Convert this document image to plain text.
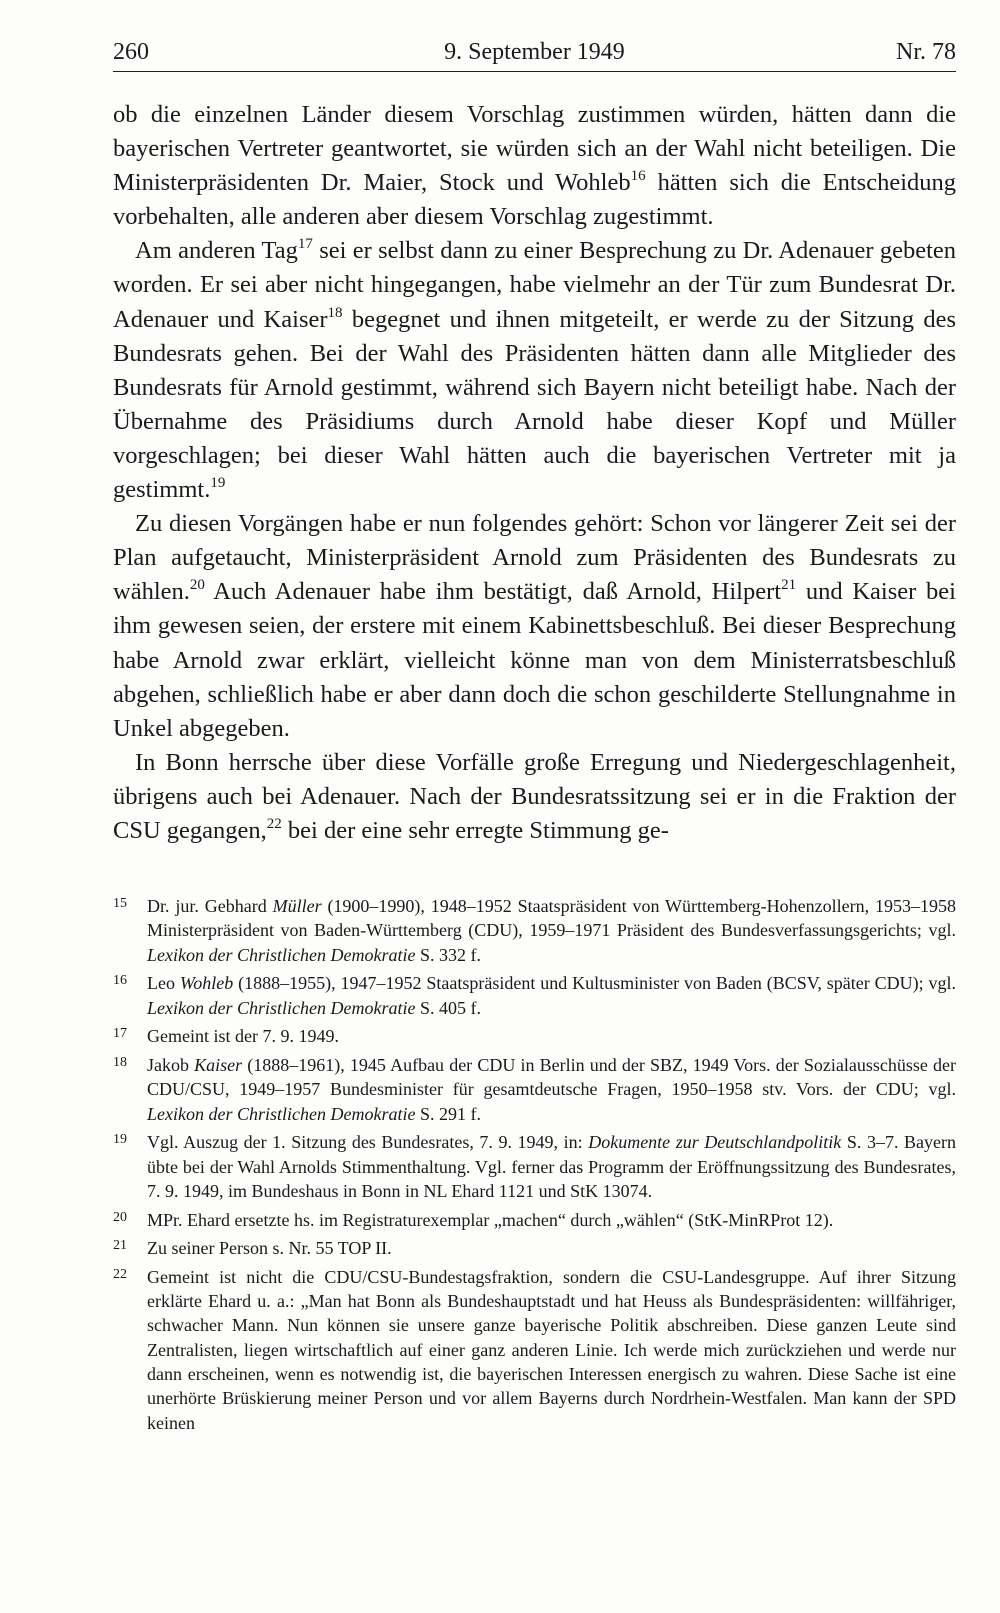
260	9. September 1949	Nr. 78

ob die einzelnen Länder diesem Vorschlag zustimmen würden, hätten dann die bayerischen Vertreter geantwortet, sie würden sich an der Wahl nicht beteiligen. Die Ministerpräsidenten Dr. Maier, Stock und Wohleb$^{16}$ hätten sich die Entscheidung vorbehalten, alle anderen aber diesem Vorschlag zugestimmt.

Am anderen Tag$^{17}$ sei er selbst dann zu einer Besprechung zu Dr. Adenauer gebeten worden. Er sei aber nicht hingegangen, habe vielmehr an der Tür zum Bundesrat Dr. Adenauer und Kaiser$^{18}$ begegnet und ihnen mitgeteilt, er werde zu der Sitzung des Bundesrats gehen. Bei der Wahl des Präsidenten hätten dann alle Mitglieder des Bundesrats für Arnold gestimmt, während sich Bayern nicht beteiligt habe. Nach der Übernahme des Präsidiums durch Arnold habe dieser Kopf und Müller vorgeschlagen; bei dieser Wahl hätten auch die bayerischen Vertreter mit ja gestimmt.$^{19}$

Zu diesen Vorgängen habe er nun folgendes gehört: Schon vor längerer Zeit sei der Plan aufgetaucht, Ministerpräsident Arnold zum Präsidenten des Bundesrats zu wählen.$^{20}$ Auch Adenauer habe ihm bestätigt, daß Arnold, Hilpert$^{21}$ und Kaiser bei ihm gewesen seien, der erstere mit einem Kabinettsbeschluß. Bei dieser Besprechung habe Arnold zwar erklärt, vielleicht könne man von dem Ministerratsbeschluß abgehen, schließlich habe er aber dann doch die schon geschilderte Stellungnahme in Unkel abgegeben.

In Bonn herrsche über diese Vorfälle große Erregung und Niedergeschlagenheit, übrigens auch bei Adenauer. Nach der Bundesratssitzung sei er in die Fraktion der CSU gegangen,$^{22}$ bei der eine sehr erregte Stimmung ge-

15 Dr. jur. Gebhard Müller (1900–1990), 1948–1952 Staatspräsident von Württemberg-Hohenzollern, 1953–1958 Ministerpräsident von Baden-Württemberg (CDU), 1959–1971 Präsident des Bundesverfassungsgerichts; vgl. Lexikon der Christlichen Demokratie S. 332 f.
16 Leo Wohleb (1888–1955), 1947–1952 Staatspräsident und Kultusminister von Baden (BCSV, später CDU); vgl. Lexikon der Christlichen Demokratie S. 405 f.
17 Gemeint ist der 7. 9. 1949.
18 Jakob Kaiser (1888–1961), 1945 Aufbau der CDU in Berlin und der SBZ, 1949 Vors. der Sozialausschüsse der CDU/CSU, 1949–1957 Bundesminister für gesamtdeutsche Fragen, 1950–1958 stv. Vors. der CDU; vgl. Lexikon der Christlichen Demokratie S. 291 f.
19 Vgl. Auszug der 1. Sitzung des Bundesrates, 7. 9. 1949, in: Dokumente zur Deutschlandpolitik S. 3–7. Bayern übte bei der Wahl Arnolds Stimmenthaltung. Vgl. ferner das Programm der Eröffnungssitzung des Bundesrates, 7. 9. 1949, im Bundeshaus in Bonn in NL Ehard 1121 und StK 13074.
20 MPr. Ehard ersetzte hs. im Registraturexemplar „machen“ durch „wählen“ (StK-MinRProt 12).
21 Zu seiner Person s. Nr. 55 TOP II.
22 Gemeint ist nicht die CDU/CSU-Bundestagsfraktion, sondern die CSU-Landesgruppe. Auf ihrer Sitzung erklärte Ehard u. a.: „Man hat Bonn als Bundeshauptstadt und hat Heuss als Bundespräsidenten: willfähriger, schwacher Mann. Nun können sie unsere ganze bayerische Politik abschreiben. Diese ganzen Leute sind Zentralisten, liegen wirtschaftlich auf einer ganz anderen Linie. Ich werde mich zurückziehen und werde nur dann erscheinen, wenn es notwendig ist, die bayerischen Interessen energisch zu wahren. Diese Sache ist eine unerhörte Brüskierung meiner Person und vor allem Bayerns durch Nordrhein-Westfalen. Man kann der SPD keinen
